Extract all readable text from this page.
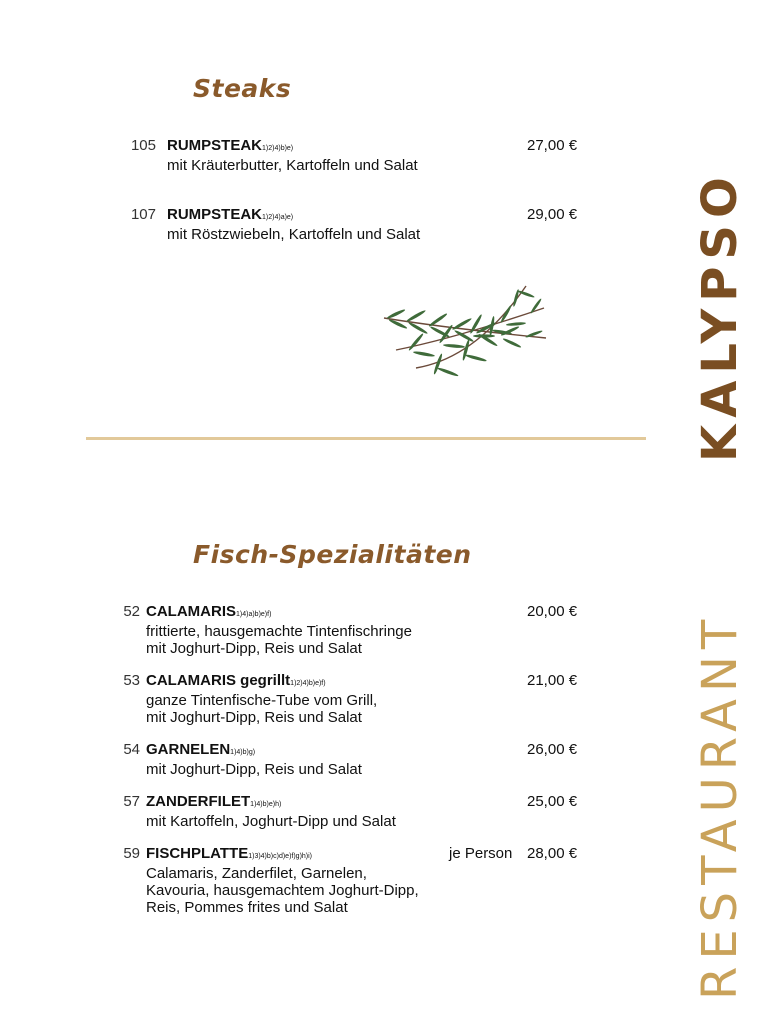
Steaks
105 RUMPSTEAK1)2)4)b)e)
mit Kräuterbutter, Kartoffeln und Salat
27,00 €
107 RUMPSTEAK1)2)4)a)e)
mit Röstzwiebeln, Kartoffeln und Salat
29,00 €
Fisch-Spezialitäten
52 CALAMARIS1)4)a)b)e)f)
frittierte, hausgemachte Tintenfischringe
mit Joghurt-Dipp, Reis und Salat
20,00 €
53 CALAMARIS gegrillt1)2)4)b)e)f)
ganze Tintenfische-Tube vom Grill,
mit Joghurt-Dipp, Reis und Salat
21,00 €
54 GARNELEN1)4)b)g)
mit Joghurt-Dipp, Reis und Salat
26,00 €
57 ZANDERFILET1)4)b)e)h)
mit Kartoffeln, Joghurt-Dipp und Salat
25,00 €
59 FISCHPLATTE1)3)4)b)c)d)e)f)g)h)i)
Calamaris, Zanderfilet, Garnelen,
Kavouria, hausgemachtem Joghurt-Dipp,
Reis, Pommes frites und Salat
je Person 28,00 € RESTAURANT
KALYPSO
